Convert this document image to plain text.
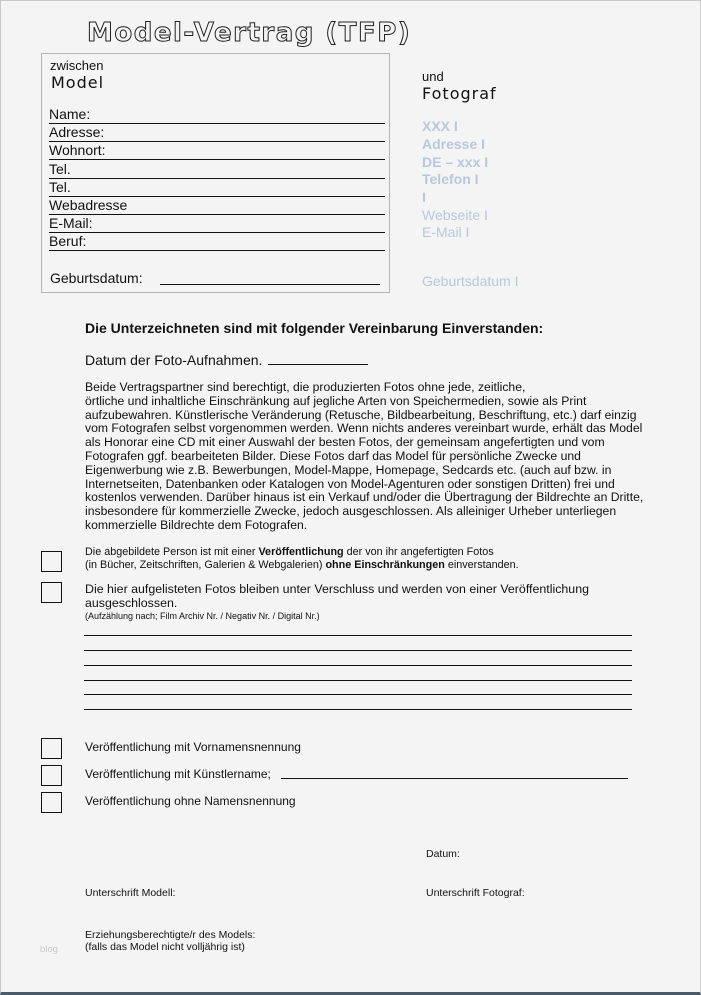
Model-Vertrag (TFP)
zwischen
Model
Name:
Adresse:
Wohnort:
Tel.
Tel.
Webadresse
E-Mail:
Beruf:
Geburtsdatum:
und
Fotograf
XXX I
Adresse I
DE – xxx I
Telefon I
I
Webseite I
E-Mail I
Geburtsdatum I
Die Unterzeichneten sind mit folgender Vereinbarung Einverstanden:
Datum der Foto-Aufnahmen.

Beide Vertragspartner sind berechtigt, die produzierten Fotos ohne jede, zeitliche,

örtliche und inhaltliche Einschränkung auf jegliche Arten von Speichermedien, sowie als Print

aufzubewahren. Künstlerische Veränderung (Retusche, Bildbearbeitung, Beschriftung, etc.) darf einzig

vom Fotografen selbst vorgenommen werden. Wenn nichts anderes vereinbart wurde, erhält das Model

als Honorar eine CD mit einer Auswahl der besten Fotos, der gemeinsam angefertigten und vom

Fotografen ggf. bearbeiteten Bilder. Diese Fotos darf das Model für persönliche Zwecke und

Eigenwerbung wie z.B. Bewerbungen, Model-Mappe, Homepage, Sedcards etc. (auch auf bzw. in

Internetseiten, Datenbanken oder Katalogen von Model-Agenturen oder sonstigen Dritten) frei und

kostenlos verwenden. Darüber hinaus ist ein Verkauf und/oder die Übertragung der Bildrechte an Dritte,

insbesondere für kommerzielle Zwecke, jedoch ausgeschlossen. Als alleiniger Urheber unterliegen

kommerzielle Bildrechte dem Fotografen.

Die abgebildete Person ist mit einer Veröffentlichung der von ihr angefertigten Fotos
(in Bücher, Zeitschriften, Galerien & Webgalerien) ohne Einschränkungen einverstanden.
Die hier aufgelisteten Fotos bleiben unter Verschluss und werden von einer Veröffentlichung
ausgeschlossen.
(Aufzählung nach; Film Archiv Nr. / Negativ Nr. / Digital Nr.)
Veröffentlichung mit Vornamensnennung
Veröffentlichung mit Künstlername;
Veröffentlichung ohne Namensnennung
Datum:
Unterschrift Modell:	Unterschrift Fotograf:
Erziehungsberechtigte/r des Models:
(falls das Model nicht volljährig ist)
blog
